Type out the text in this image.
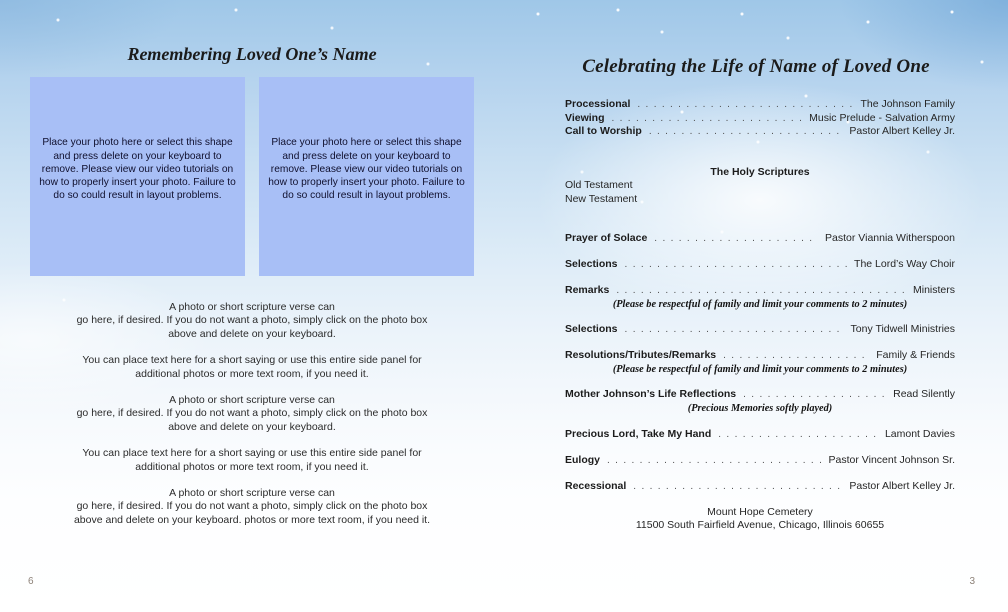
Remembering Loved One’s Name

Place your photo here or select this shape and press delete on your keyboard to remove. Please view our video tutorials on how to properly insert your photo. Failure to do so could result in layout problems.

Place your photo here or select this shape and press delete on your keyboard to remove. Please view our video tutorials on how to properly insert your photo. Failure to do so could result in layout problems.

A photo or short scripture verse can
go here, if desired. If you do not want a photo, simply click on the photo box
above and delete on your keyboard.
You can place text here for a short saying or use this entire side panel for
additional photos or more text room, if you need it.
A photo or short scripture verse can
go here, if desired. If you do not want a photo, simply click on the photo box
above and delete on your keyboard.
You can place text here for a short saying or use this entire side panel for
additional photos or more text room, if you need it.
A photo or short scripture verse can
go here, if desired. If you do not want a photo, simply click on the photo box
above and delete on your keyboard. photos or more text room, if you need it.
6
Celebrating the Life of Name of Loved One
Processional . . .	The Johnson Family
Viewing . . .	Music Prelude - Salvation Army
Call to Worship . . .	Pastor Albert Kelley Jr.
The Holy Scriptures
Old Testament
New Testament
Prayer of Solace . . .	Pastor Viannia Witherspoon
Selections . . .	The Lord’s Way Choir
Remarks . . .	Ministers
(Please be respectful of family and limit your comments to 2 minutes)
Selections . . .	Tony Tidwell Ministries
Resolutions/Tributes/Remarks . . .	Family & Friends
(Please be respectful of family and limit your comments to 2 minutes)
Mother Johnson’s Life Reflections . . .	Read Silently
(Precious Memories softly played)
Precious Lord, Take My Hand . . .	Lamont Davies
Eulogy . . .	Pastor Vincent Johnson Sr.
Recessional . . .	Pastor Albert Kelley Jr.
Mount Hope Cemetery
11500 South Fairfield Avenue, Chicago, Illinois 60655
3
